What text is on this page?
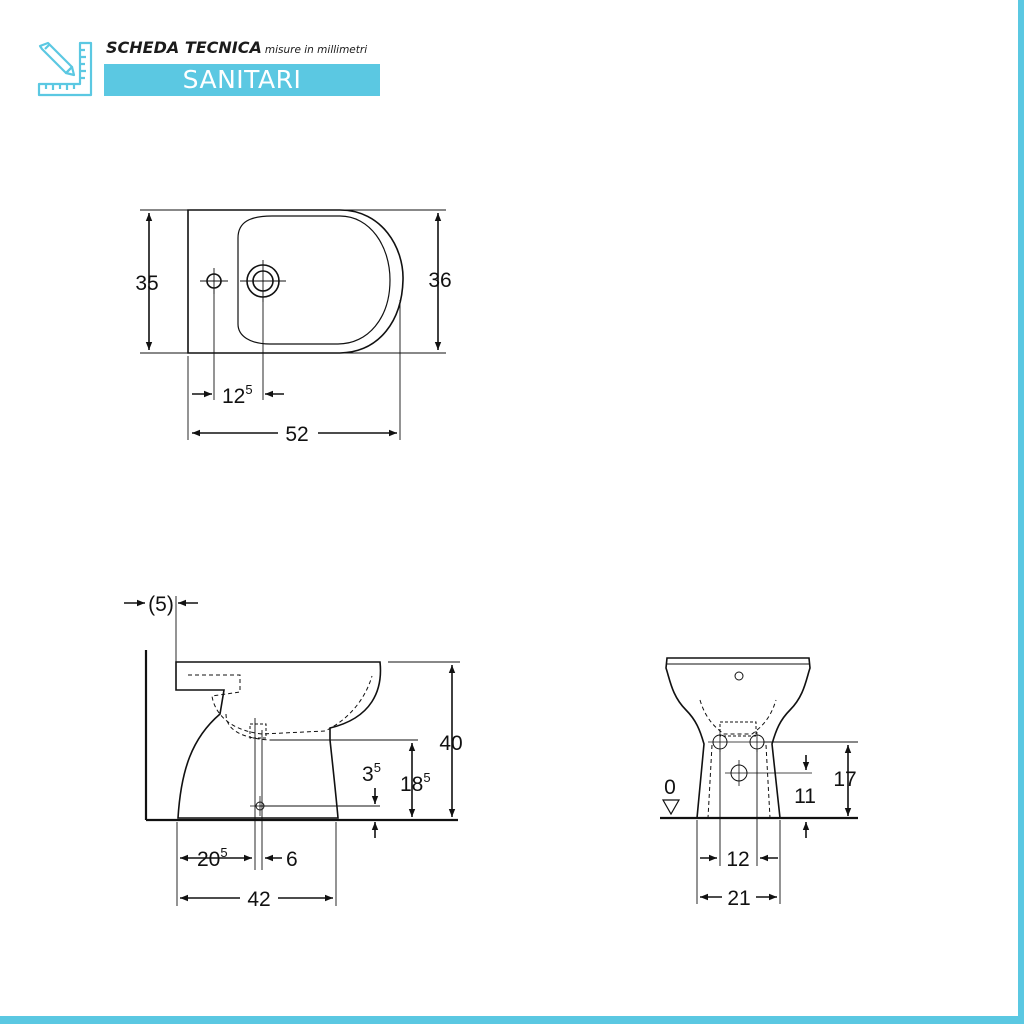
SCHEDA TECNICA misure in millimetri
SANITARI
35	36
$12^5$
52
(5)
40
$3^5$
$18^5$
$20^5$	6
42
0	17
11
12
21
